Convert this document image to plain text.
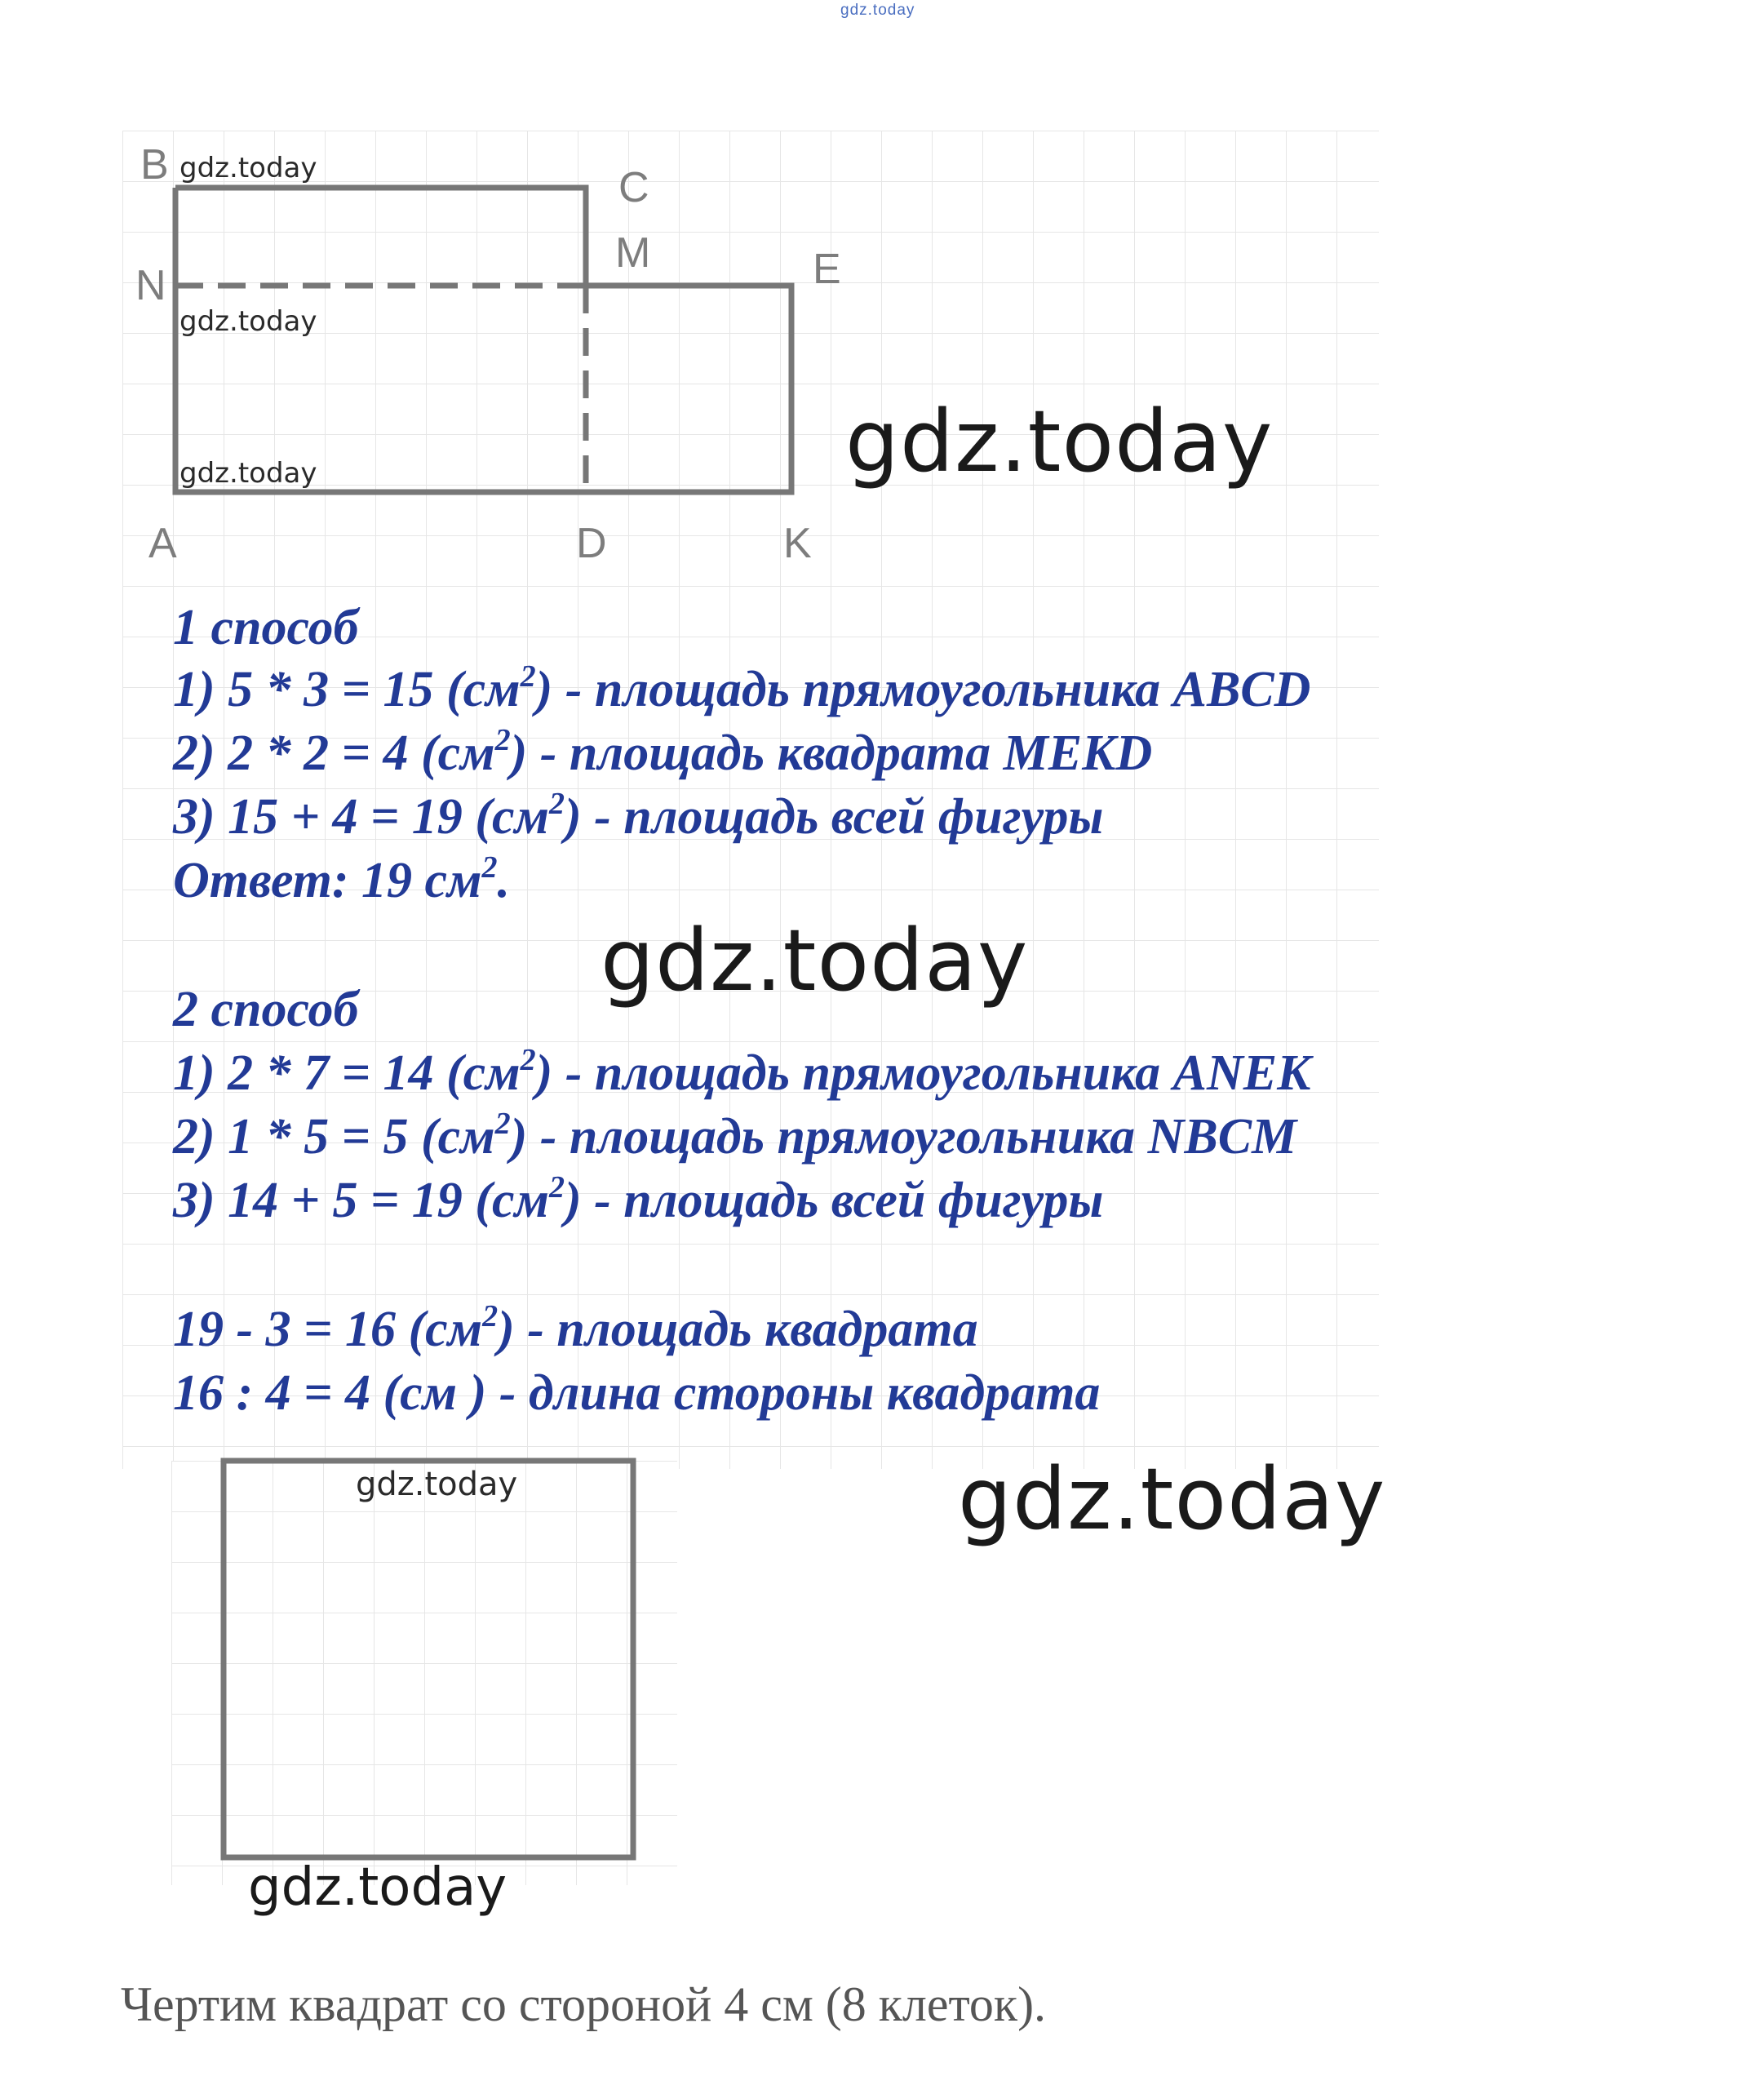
gdz.today
B	C
M
N	E
A	D	K
gdz.today
gdz.today
gdz.today
gdz.today
gdz.today
gdz.today
gdz.today
gdz.today
1 способ
1) 5 * 3 = 15 $(см^2)$ - площадь прямоугольника ABCD
2) 2 * 2 = 4 $(см^2)$ - площадь квадрата MEKD
3) 15 + 4 = 19 $(см^2)$ - площадь всей фигуры
Ответ: 19 $см^2$.
2 способ
1) 2 * 7 = 14 $(см^2)$ - площадь прямоугольника ANEK
2) 1 * 5 = 5 $(см^2)$ - площадь прямоугольника NBCM
3) 14 + 5 = 19 $(см^2)$ - площадь всей фигуры
19 - 3 = 16 $(см^2)$ - площадь квадрата
16 : 4 = 4 (см ) - длина стороны квадрата
Чертим квадрат со стороной 4 см (8 клеток).
